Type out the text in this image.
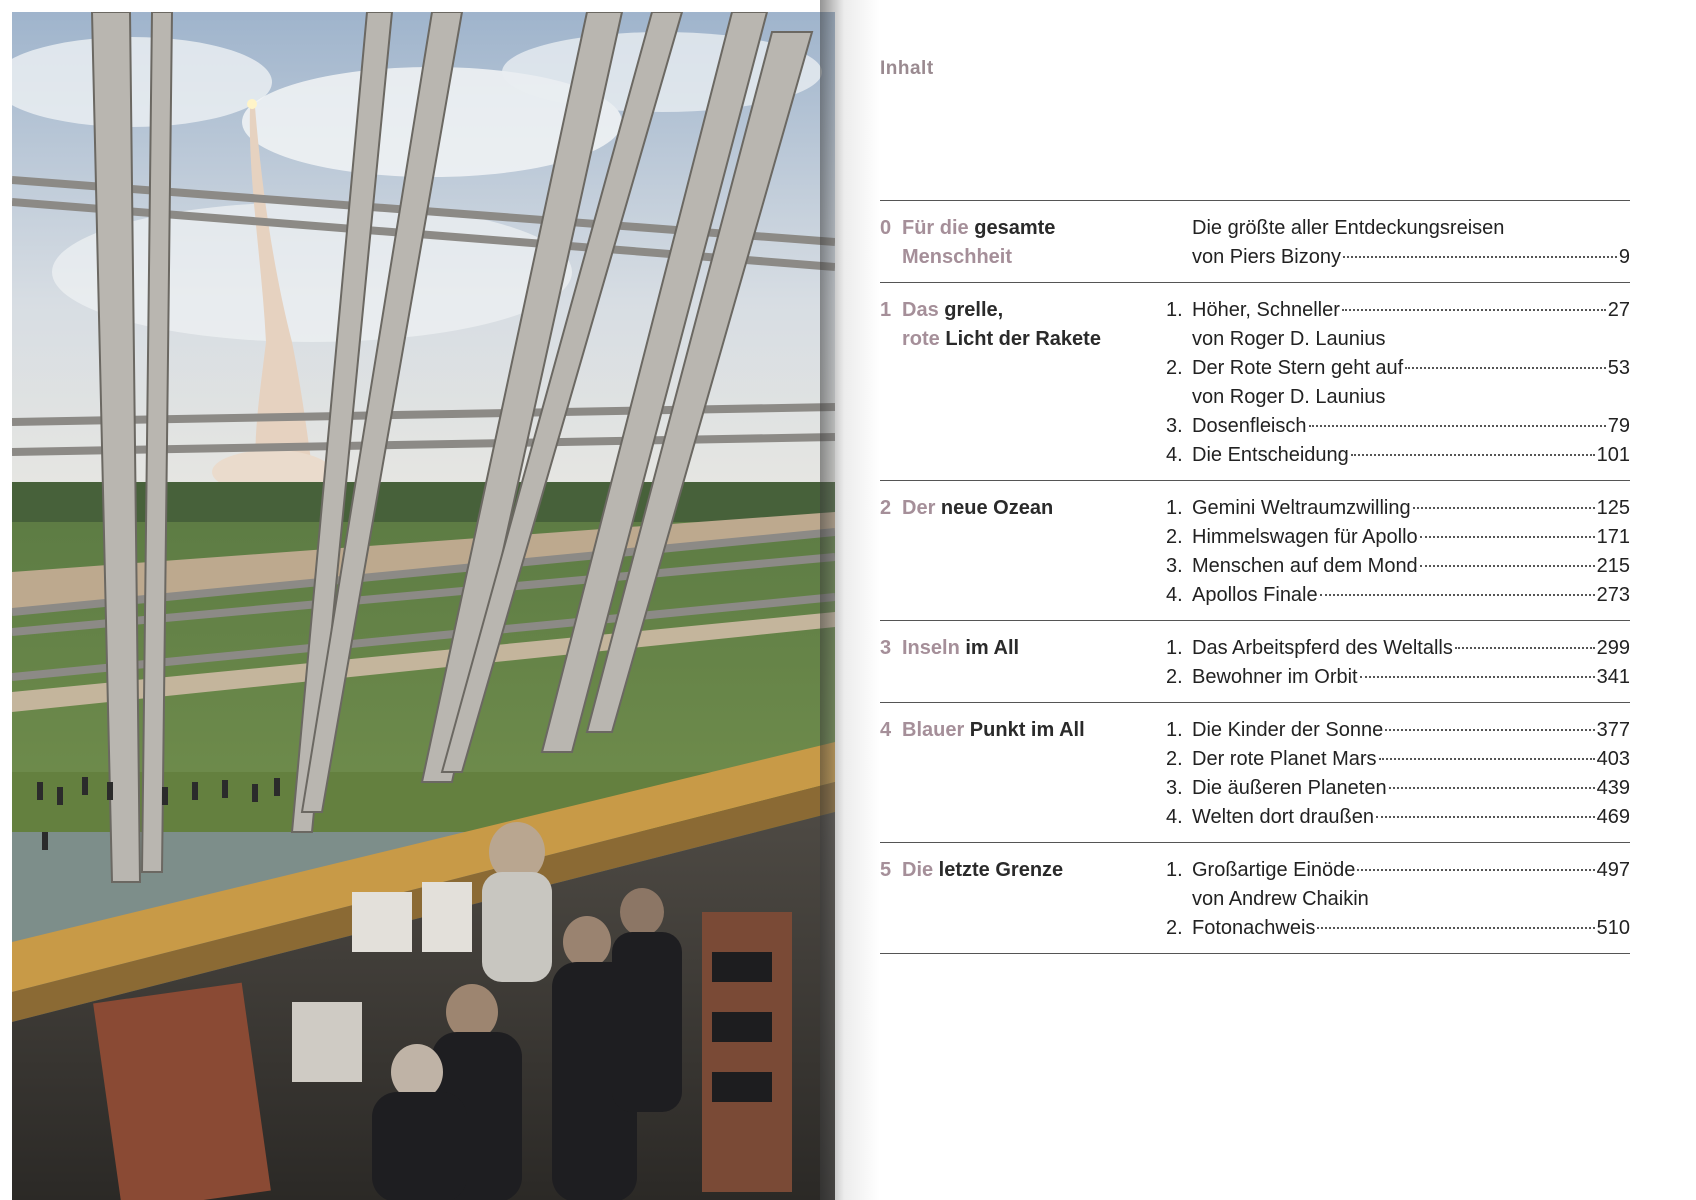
Inhalt
0 Für die gesamte
Menschheit
Die größte aller Entdeckungsreisen
von Piers Bizony	9
1 Das grelle,
rote Licht der Rakete
1. Höher, Schneller	27
von Roger D. Launius
2. Der Rote Stern geht auf	53
von Roger D. Launius
3. Dosenfleisch	79
4. Die Entscheidung	101
2 Der neue Ozean	1. Gemini Weltraumzwilling	125
2. Himmelswagen für Apollo	171
3. Menschen auf dem Mond	215
4. Apollos Finale	273
3 Inseln im All	1. Das Arbeitspferd des Weltalls	299
2. Bewohner im Orbit	341
4 Blauer Punkt im All	1. Die Kinder der Sonne	377
2. Der rote Planet Mars	403
3. Die äußeren Planeten	439
4. Welten dort draußen	469
5 Die letzte Grenze	1. Großartige Einöde	497
von Andrew Chaikin
2. Fotonachweis	510
